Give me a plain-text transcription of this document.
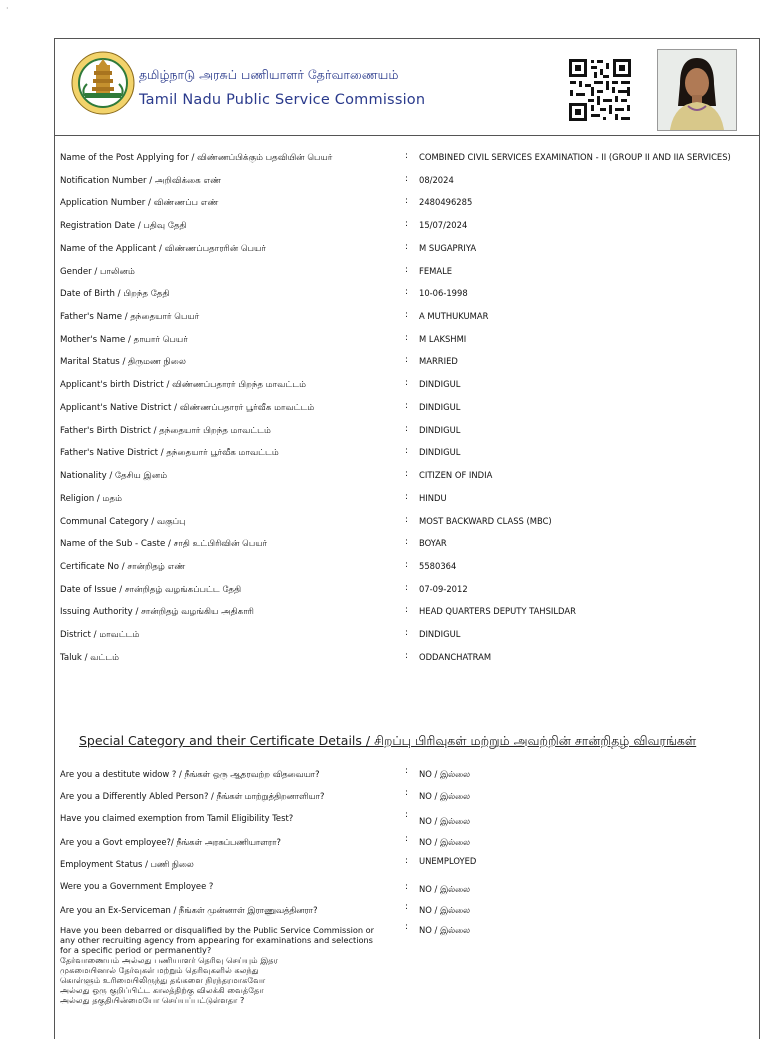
·
தமிழ்நாடு அரசுப் பணியாளர் தேர்வாணையம்
Tamil Nadu Public Service Commission
Name of the Post Applying for / விண்ணப்பிக்கும் பதவியின் பெயர்	: COMBINED CIVIL SERVICES EXAMINATION - II (GROUP II AND IIA SERVICES)
Notification Number / அறிவிக்கை எண்	: 08/2024
Application Number / விண்ணப்ப எண்	: 2480496285
Registration Date / பதிவு தேதி	: 15/07/2024
Name of the Applicant / விண்ணப்பதாரரின் பெயர்	: M SUGAPRIYA
Gender / பாலினம்	: FEMALE
Date of Birth / பிறந்த தேதி	: 10-06-1998
Father's Name / தந்தையார் பெயர்	: A MUTHUKUMAR
Mother's Name / தாயார் பெயர்	: M LAKSHMI
Marital Status / திருமண நிலை	: MARRIED
Applicant's birth District / விண்ணப்பதாரர் பிறந்த மாவட்டம்	: DINDIGUL
Applicant's Native District / விண்ணப்பதாரர் பூர்வீக மாவட்டம்	: DINDIGUL
Father's Birth District / தந்தையார் பிறந்த மாவட்டம்	: DINDIGUL
Father's Native District / தந்தையார் பூர்வீக மாவட்டம்	: DINDIGUL
Nationality / தேசிய இனம்	: CITIZEN OF INDIA
Religion / மதம்	: HINDU
Communal Category / வகுப்பு	: MOST BACKWARD CLASS (MBC)
Name of the Sub - Caste / சாதி உட்பிரிவின் பெயர்	: BOYAR
Certificate No / சான்றிதழ் எண்	: 5580364
Date of Issue / சான்றிதழ் வழங்கப்பட்ட தேதி	: 07-09-2012
Issuing Authority / சான்றிதழ் வழங்கிய அதிகாரி	: HEAD QUARTERS DEPUTY TAHSILDAR
District / மாவட்டம்	: DINDIGUL
Taluk / வட்டம்	: ODDANCHATRAM
Special Category and their Certificate Details / சிறப்பு பிரிவுகள் மற்றும் அவற்றின் சான்றிதழ் விவரங்கள்
Are you a destitute widow ? / நீங்கள் ஒரு ஆதரவற்ற விதவையா?	: NO / இல்லை
Are you a Differently Abled Person? / நீங்கள் மாற்றுத்திறனாளியா?	: NO / இல்லை
Have you claimed exemption from Tamil Eligibility Test?	:
NO / இல்லை
Are you a Govt employee?/ நீங்கள் அரசுப்பணியாளரா?	: NO / இல்லை
Employment Status / பணி நிலை	: UNEMPLOYED
Were you a Government Employee ?	: NO / இல்லை
Are you an Ex-Serviceman / நீங்கள் முன்னாள் இராணுவத்தினரா?	: NO / இல்லை
Have you been debarred or disqualified by the Public Service Commission or
any other recruiting agency from appearing for examinations and selections
for a specific period or permanently?
தேர்வாணையம் அல்லது பணியாளர் தெரிவு செய்யும் இதர
முகமையினால் தேர்வுகள் மற்றும் தெரிவுகளில் கலந்து
கொள்ளும் உரிமையிலிருந்து தங்களை நிரந்தரமாகவோ
அல்லது ஒரு குறிப்பிட்ட காலத்திற்கு விலக்கி வைத்தோ
அல்லது தகுதியின்மையோ செய்யப்பட்டுள்ளதா ?
: NO / இல்லை
